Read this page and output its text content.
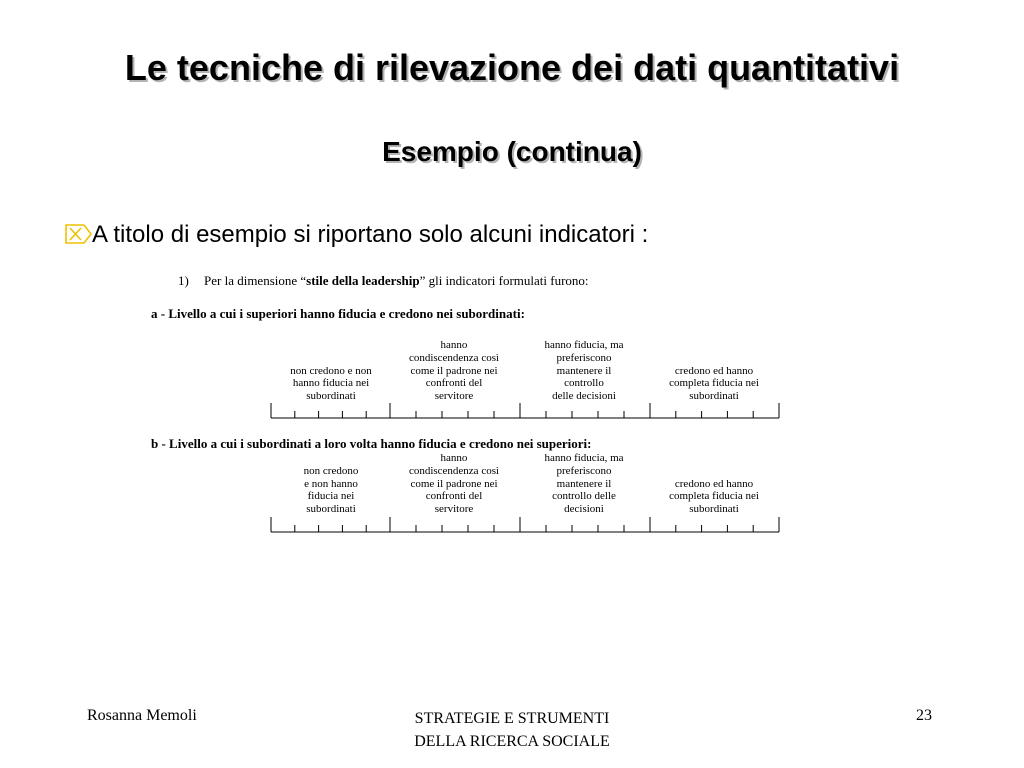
Le tecniche di rilevazione dei dati quantitativi
Esempio (continua)
A titolo di esempio si riportano solo alcuni indicatori :
1) Per la dimensione “stile della leadership” gli indicatori formulati furono:
a - Livello a cui i superiori hanno fiducia e credono nei subordinati:
b - Livello a cui i subordinati a loro volta hanno fiducia e credono nei superiori:
non credono e non
hanno fiducia nei
subordinati
hanno
condiscendenza così
come il padrone nei
confronti del
servitore
hanno fiducia, ma
preferiscono
mantenere il
controllo
delle decisioni
credono ed hanno
completa fiducia nei
subordinati
non credono
e non hanno
fiducia nei
subordinati
hanno
condiscendenza così
come il padrone nei
confronti del
servitore
hanno fiducia, ma
preferiscono
mantenere il
controllo delle
decisioni
credono ed hanno
completa fiducia nei
subordinati
Rosanna Memoli	STRATEGIE E STRUMENTI
DELLA RICERCA SOCIALE
23
